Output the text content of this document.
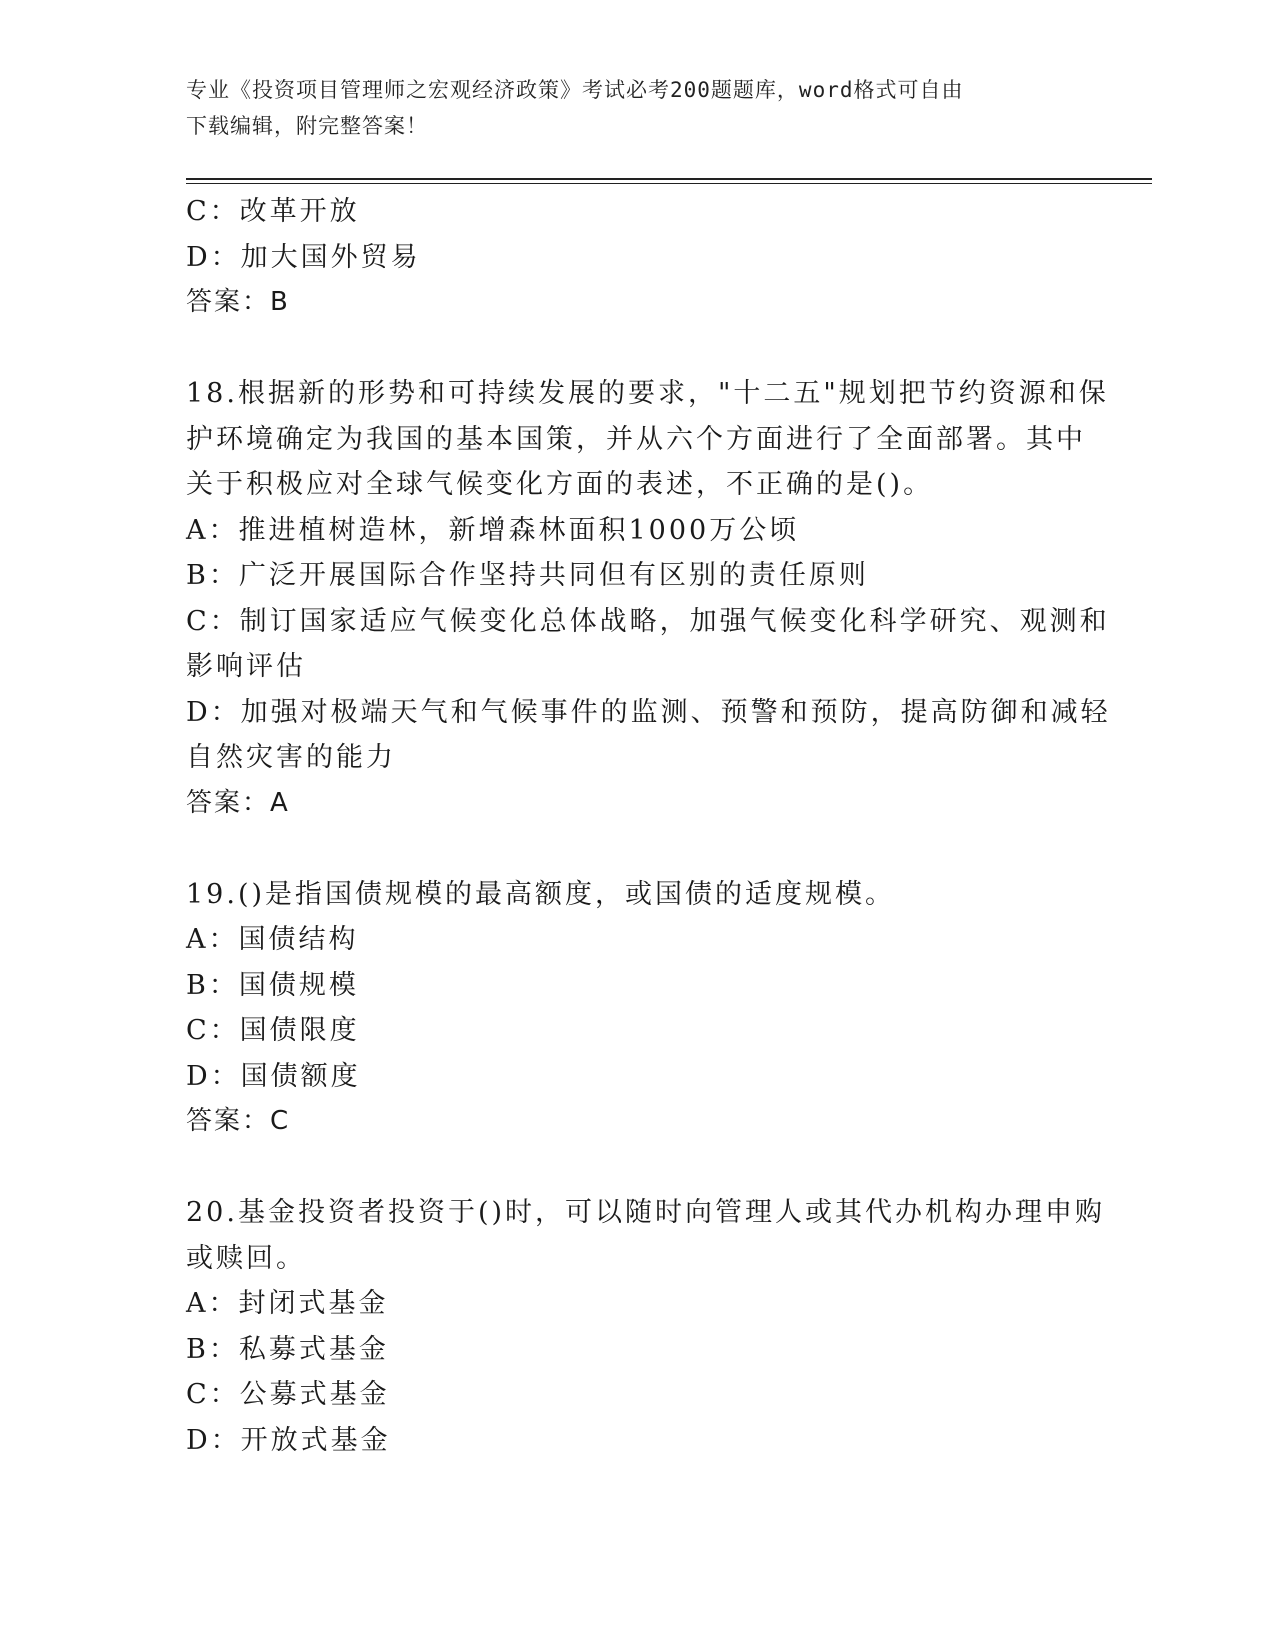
专业《投资项目管理师之宏观经济政策》考试必考200题题库，word格式可自由
下载编辑，附完整答案！
C：改革开放
D：加大国外贸易
答案：B
18.根据新的形势和可持续发展的要求，"十二五"规划把节约资源和保
护环境确定为我国的基本国策，并从六个方面进行了全面部署。其中
关于积极应对全球气候变化方面的表述，不正确的是()。
A：推进植树造林，新增森林面积1000万公顷
B：广泛开展国际合作坚持共同但有区别的责任原则
C：制订国家适应气候变化总体战略，加强气候变化科学研究、观测和
影响评估
D：加强对极端天气和气候事件的监测、预警和预防，提高防御和减轻
自然灾害的能力
答案：A
19.()是指国债规模的最高额度，或国债的适度规模。
A：国债结构
B：国债规模
C：国债限度
D：国债额度
答案：C
20.基金投资者投资于()时，可以随时向管理人或其代办机构办理申购
或赎回。
A：封闭式基金
B：私募式基金
C：公募式基金
D：开放式基金
